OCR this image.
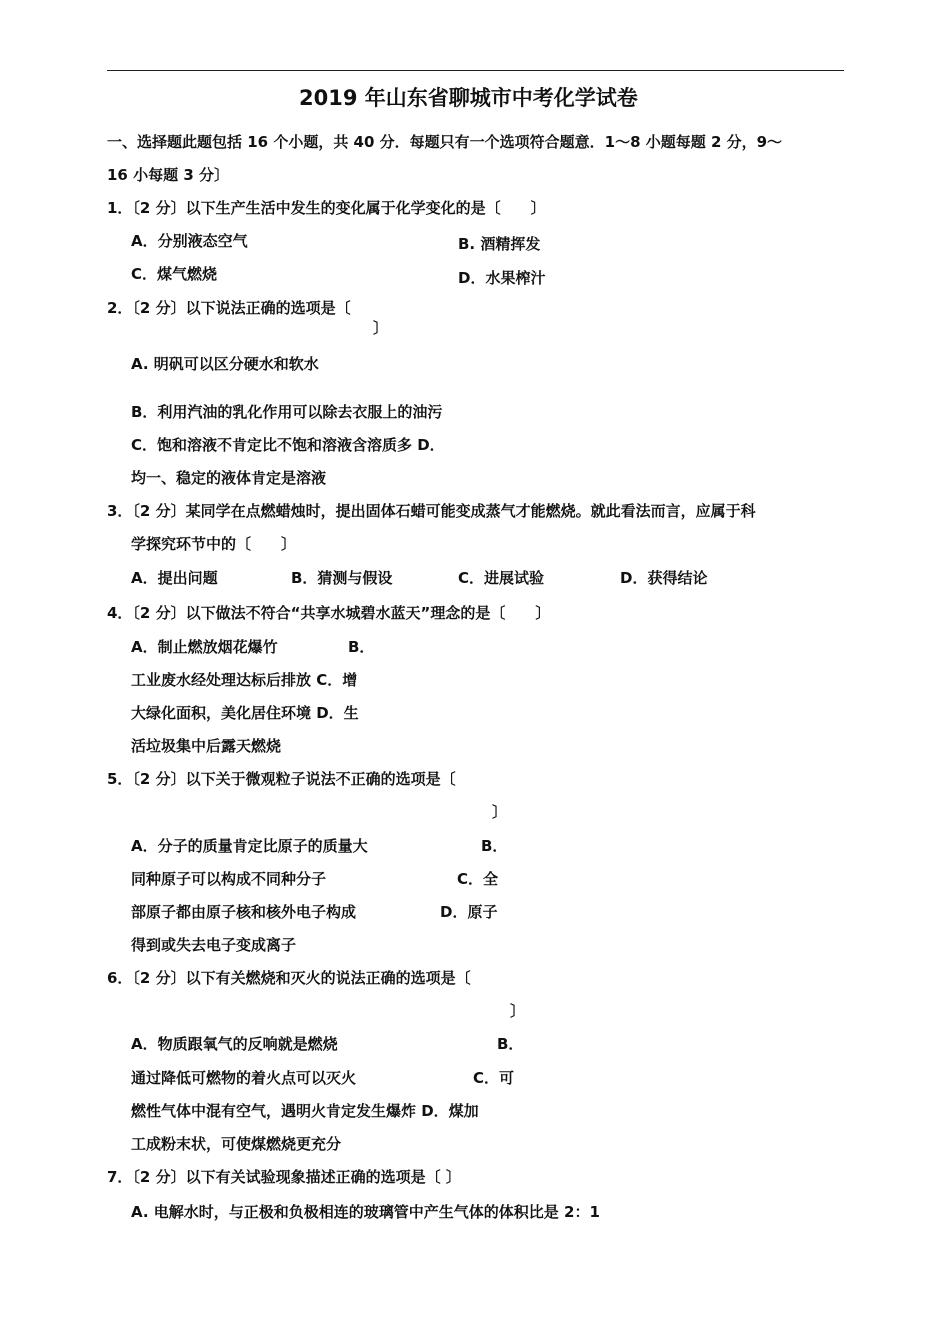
2019 年山东省聊城市中考化学试卷
一、选择题此题包括 16 个小题，共 40 分．每题只有一个选项符合题意．1〜8 小题每题 2 分，9〜
16 小每题 3 分〕
1．〔2 分〕以下生产生活中发生的变化属于化学变化的是〔　　〕
A．分别液态空气	B. 酒精挥发
C．煤气燃烧	D．水果榨汁
2．〔2 分〕以下说法正确的选项是〔
〕
A. 明矾可以区分硬水和软水
B．利用汽油的乳化作用可以除去衣服上的油污
C．饱和溶液不肯定比不饱和溶液含溶质多 D．
均一、稳定的液体肯定是溶液
3．〔2 分〕某同学在点燃蜡烛时，提出固体石蜡可能变成蒸气才能燃烧。就此看法而言，应属于科
学探究环节中的〔　　〕
A．提出问题	B．猜测与假设	C．进展试验	D．获得结论
4．〔2 分〕以下做法不符合“共享水城碧水蓝天”理念的是〔　　〕
A．制止燃放烟花爆竹	B．
工业废水经处理达标后排放 C．增
大绿化面积，美化居住环境 D．生
活垃圾集中后露天燃烧
5．〔2 分〕以下关于微观粒子说法不正确的选项是〔
〕
A．分子的质量肯定比原子的质量大	B．
同种原子可以构成不同种分子	C．全
部原子都由原子核和核外电子构成	D．原子
得到或失去电子变成离子
6．〔2 分〕以下有关燃烧和灭火的说法正确的选项是〔
〕
A．物质跟氧气的反响就是燃烧	B．
通过降低可燃物的着火点可以灭火	C．可
燃性气体中混有空气，遇明火肯定发生爆炸 D．煤加
工成粉末状，可使煤燃烧更充分
7．〔2 分〕以下有关试验现象描述正确的选项是〔 〕
A. 电解水时，与正极和负极相连的玻璃管中产生气体的体积比是 2：1
